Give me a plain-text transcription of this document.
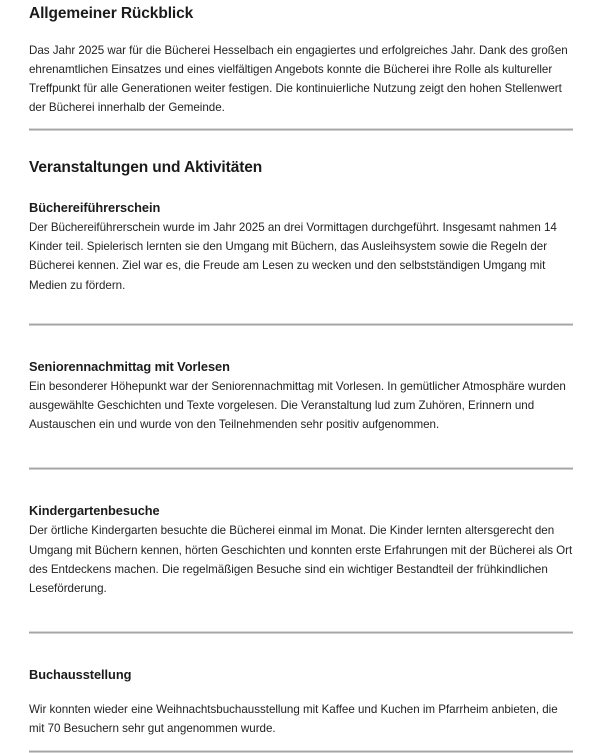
Allgemeiner Rückblick

Das Jahr 2025 war für die Bücherei Hesselbach ein engagiertes und erfolgreiches Jahr. Dank des großen ehrenamtlichen Einsatzes und eines vielfältigen Angebots konnte die Bücherei ihre Rolle als kultureller Treffpunkt für alle Generationen weiter festigen. Die kontinuierliche Nutzung zeigt den hohen Stellenwert der Bücherei innerhalb der Gemeinde.

Veranstaltungen und Aktivitäten
Büchereiführerschein

Der Büchereiführerschein wurde im Jahr 2025 an drei Vormittagen durchgeführt. Insgesamt nahmen 14 Kinder teil. Spielerisch lernten sie den Umgang mit Büchern, das Ausleihsystem sowie die Regeln der Bücherei kennen. Ziel war es, die Freude am Lesen zu wecken und den selbstständigen Umgang mit Medien zu fördern.

Seniorennachmittag mit Vorlesen

Ein besonderer Höhepunkt war der Seniorennachmittag mit Vorlesen. In gemütlicher Atmosphäre wurden ausgewählte Geschichten und Texte vorgelesen. Die Veranstaltung lud zum Zuhören, Erinnern und Austauschen ein und wurde von den Teilnehmenden sehr positiv aufgenommen.

Kindergartenbesuche

Der örtliche Kindergarten besuchte die Bücherei einmal im Monat. Die Kinder lernten altersgerecht den Umgang mit Büchern kennen, hörten Geschichten und konnten erste Erfahrungen mit der Bücherei als Ort des Entdeckens machen. Die regelmäßigen Besuche sind ein wichtiger Bestandteil der frühkindlichen Leseförderung.

Buchausstellung

Wir konnten wieder eine Weihnachtsbuchausstellung mit Kaffee und Kuchen im Pfarrheim anbieten, die mit 70 Besuchern sehr gut angenommen wurde.
